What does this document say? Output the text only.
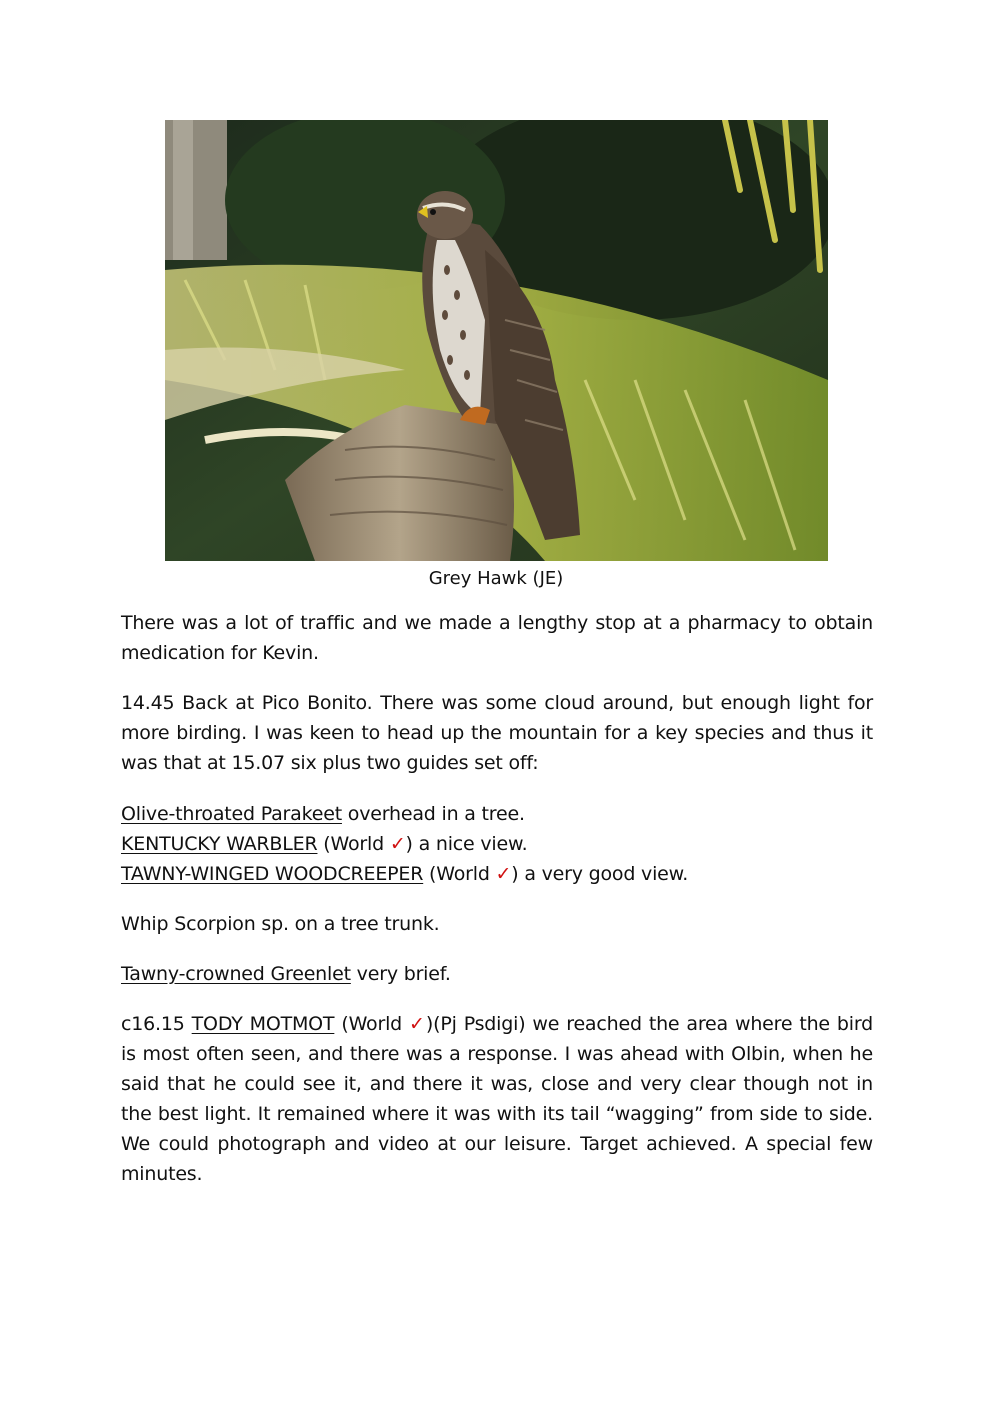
Grey Hawk (JE)
There was a lot of traffic and we made a lengthy stop at a pharmacy to obtain medication for Kevin.
14.45 Back at Pico Bonito. There was some cloud around, but enough light for more birding. I was keen to head up the mountain for a key species and thus it was that at 15.07 six plus two guides set off:
Olive-throated Parakeet overhead in a tree.
KENTUCKY WARBLER (World ✓) a nice view.
TAWNY-WINGED WOODCREEPER (World ✓) a very good view.
Whip Scorpion sp. on a tree trunk.
Tawny-crowned Greenlet very brief.
c16.15 TODY MOTMOT (World ✓)(Pj Psdigi) we reached the area where the bird is most often seen, and there was a response. I was ahead with Olbin, when he said that he could see it, and there it was, close and very clear though not in the best light. It remained where it was with its tail “wagging” from side to side. We could photograph and video at our leisure. Target achieved. A special few minutes.
